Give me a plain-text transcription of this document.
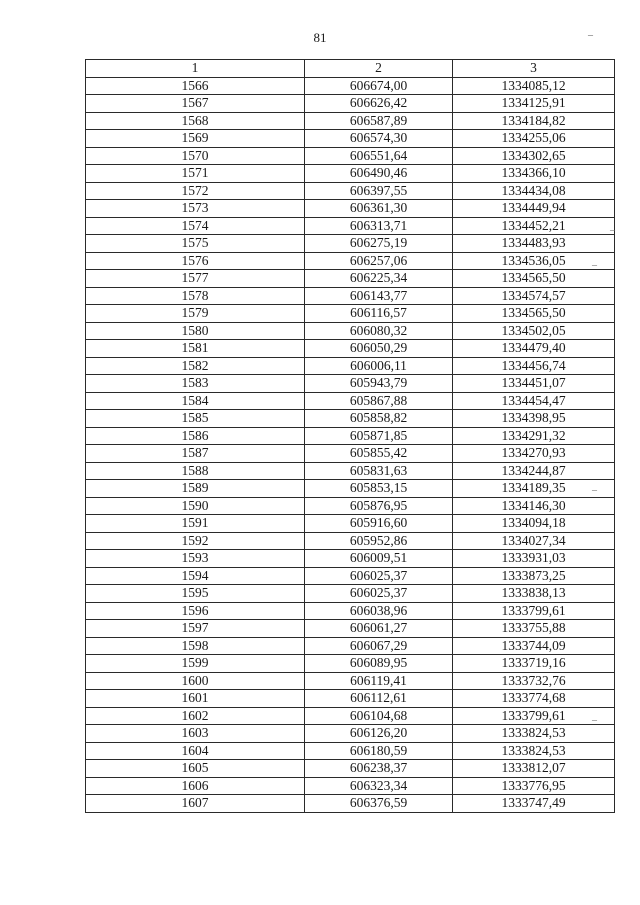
81	–
1	2	3
1566	606674,00	1334085,12
1567	606626,42	1334125,91
1568	606587,89	1334184,82
1569	606574,30	1334255,06
1570	606551,64	1334302,65
1571	606490,46	1334366,10
1572	606397,55	1334434,08
1573	606361,30	1334449,94
1574	606313,71	1334452,21
1575	606275,19	1334483,93
1576	606257,06	1334536,05
1577	606225,34	1334565,50
1578	606143,77	1334574,57
1579	606116,57	1334565,50
1580	606080,32	1334502,05
1581	606050,29	1334479,40
1582	606006,11	1334456,74
1583	605943,79	1334451,07
1584	605867,88	1334454,47
1585	605858,82	1334398,95
1586	605871,85	1334291,32
1587	605855,42	1334270,93
1588	605831,63	1334244,87
1589	605853,15	1334189,35
1590	605876,95	1334146,30
1591	605916,60	1334094,18
1592	605952,86	1334027,34
1593	606009,51	1333931,03
1594	606025,37	1333873,25
1595	606025,37	1333838,13
1596	606038,96	1333799,61
1597	606061,27	1333755,88
1598	606067,29	1333744,09
1599	606089,95	1333719,16
1600	606119,41	1333732,76
1601	606112,61	1333774,68
1602	606104,68	1333799,61
1603	606126,20	1333824,53
1604	606180,59	1333824,53
1605	606238,37	1333812,07
1606	606323,34	1333776,95
1607	606376,59	1333747,49
–
–
–
–
